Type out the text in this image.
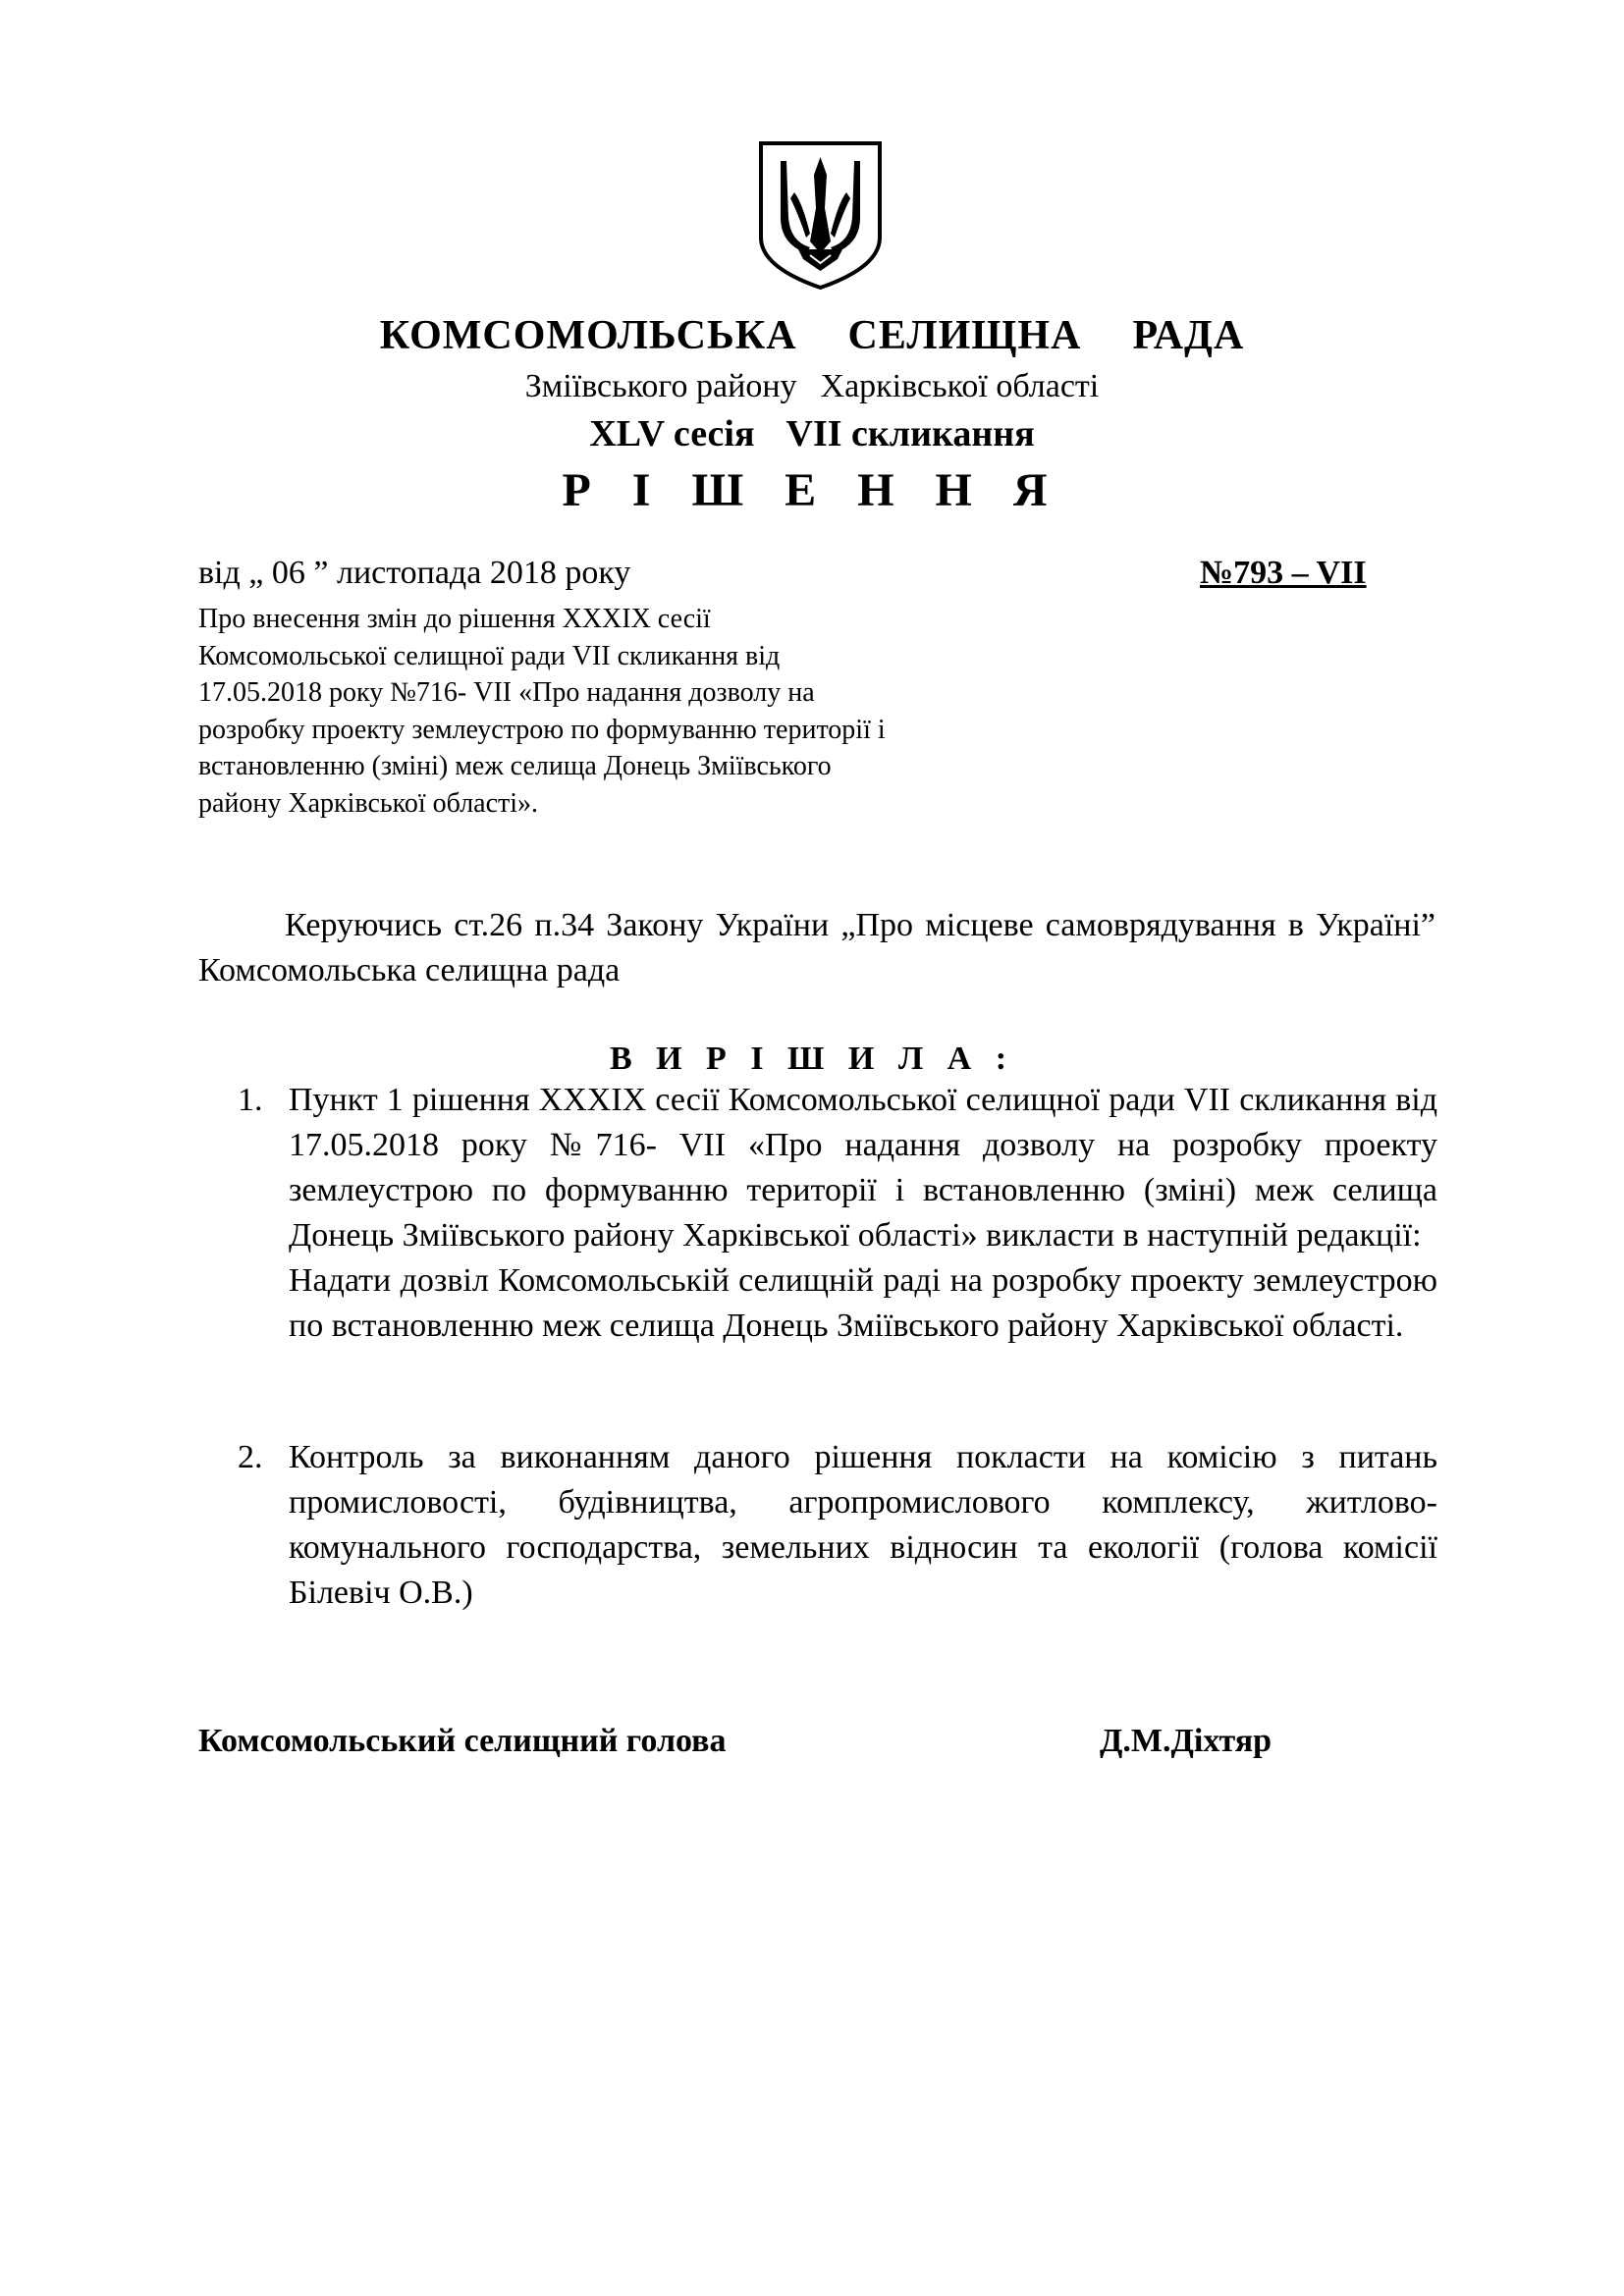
КОМСОМОЛЬСЬКА СЕЛИЩНА РАДА
Зміївського району Харківської області
XLV сесія VII скликання
Р І Ш Е Н Н Я
від „ 06 ” листопада 2018 року	№793 – VII
Про внесення змін до рішення XXXIX сесії Комсомольської селищної ради VII скликання від 17.05.2018 року №716- VII «Про надання дозволу на розробку проекту землеустрою по формуванню території і встановленню (зміні) меж селища Донець Зміївського району Харківської області».
Керуючись ст.26 п.34 Закону України „Про місцеве самоврядування в Україні” Комсомольська селищна рада
В И Р І Ш И Л А :
1. Пункт 1 рішення XXXIX сесії Комсомольської селищної ради VII скликання від 17.05.2018 року №716- VII «Про надання дозволу на розробку проекту землеустрою по формуванню території і встановленню (зміні) меж селища Донець Зміївського району Харківської області» викласти в наступній редакції:
Надати дозвіл Комсомольській селищній раді на розробку проекту землеустрою по встановленню меж селища Донець Зміївського району Харківської області.
2. Контроль за виконанням даного рішення покласти на комісію з питань промисловості, будівництва, агропромислового комплексу, житлово-комунального господарства, земельних відносин та екології (голова комісії Білевіч О.В.)
Комсомольський селищний голова	Д.М.Діхтяр
